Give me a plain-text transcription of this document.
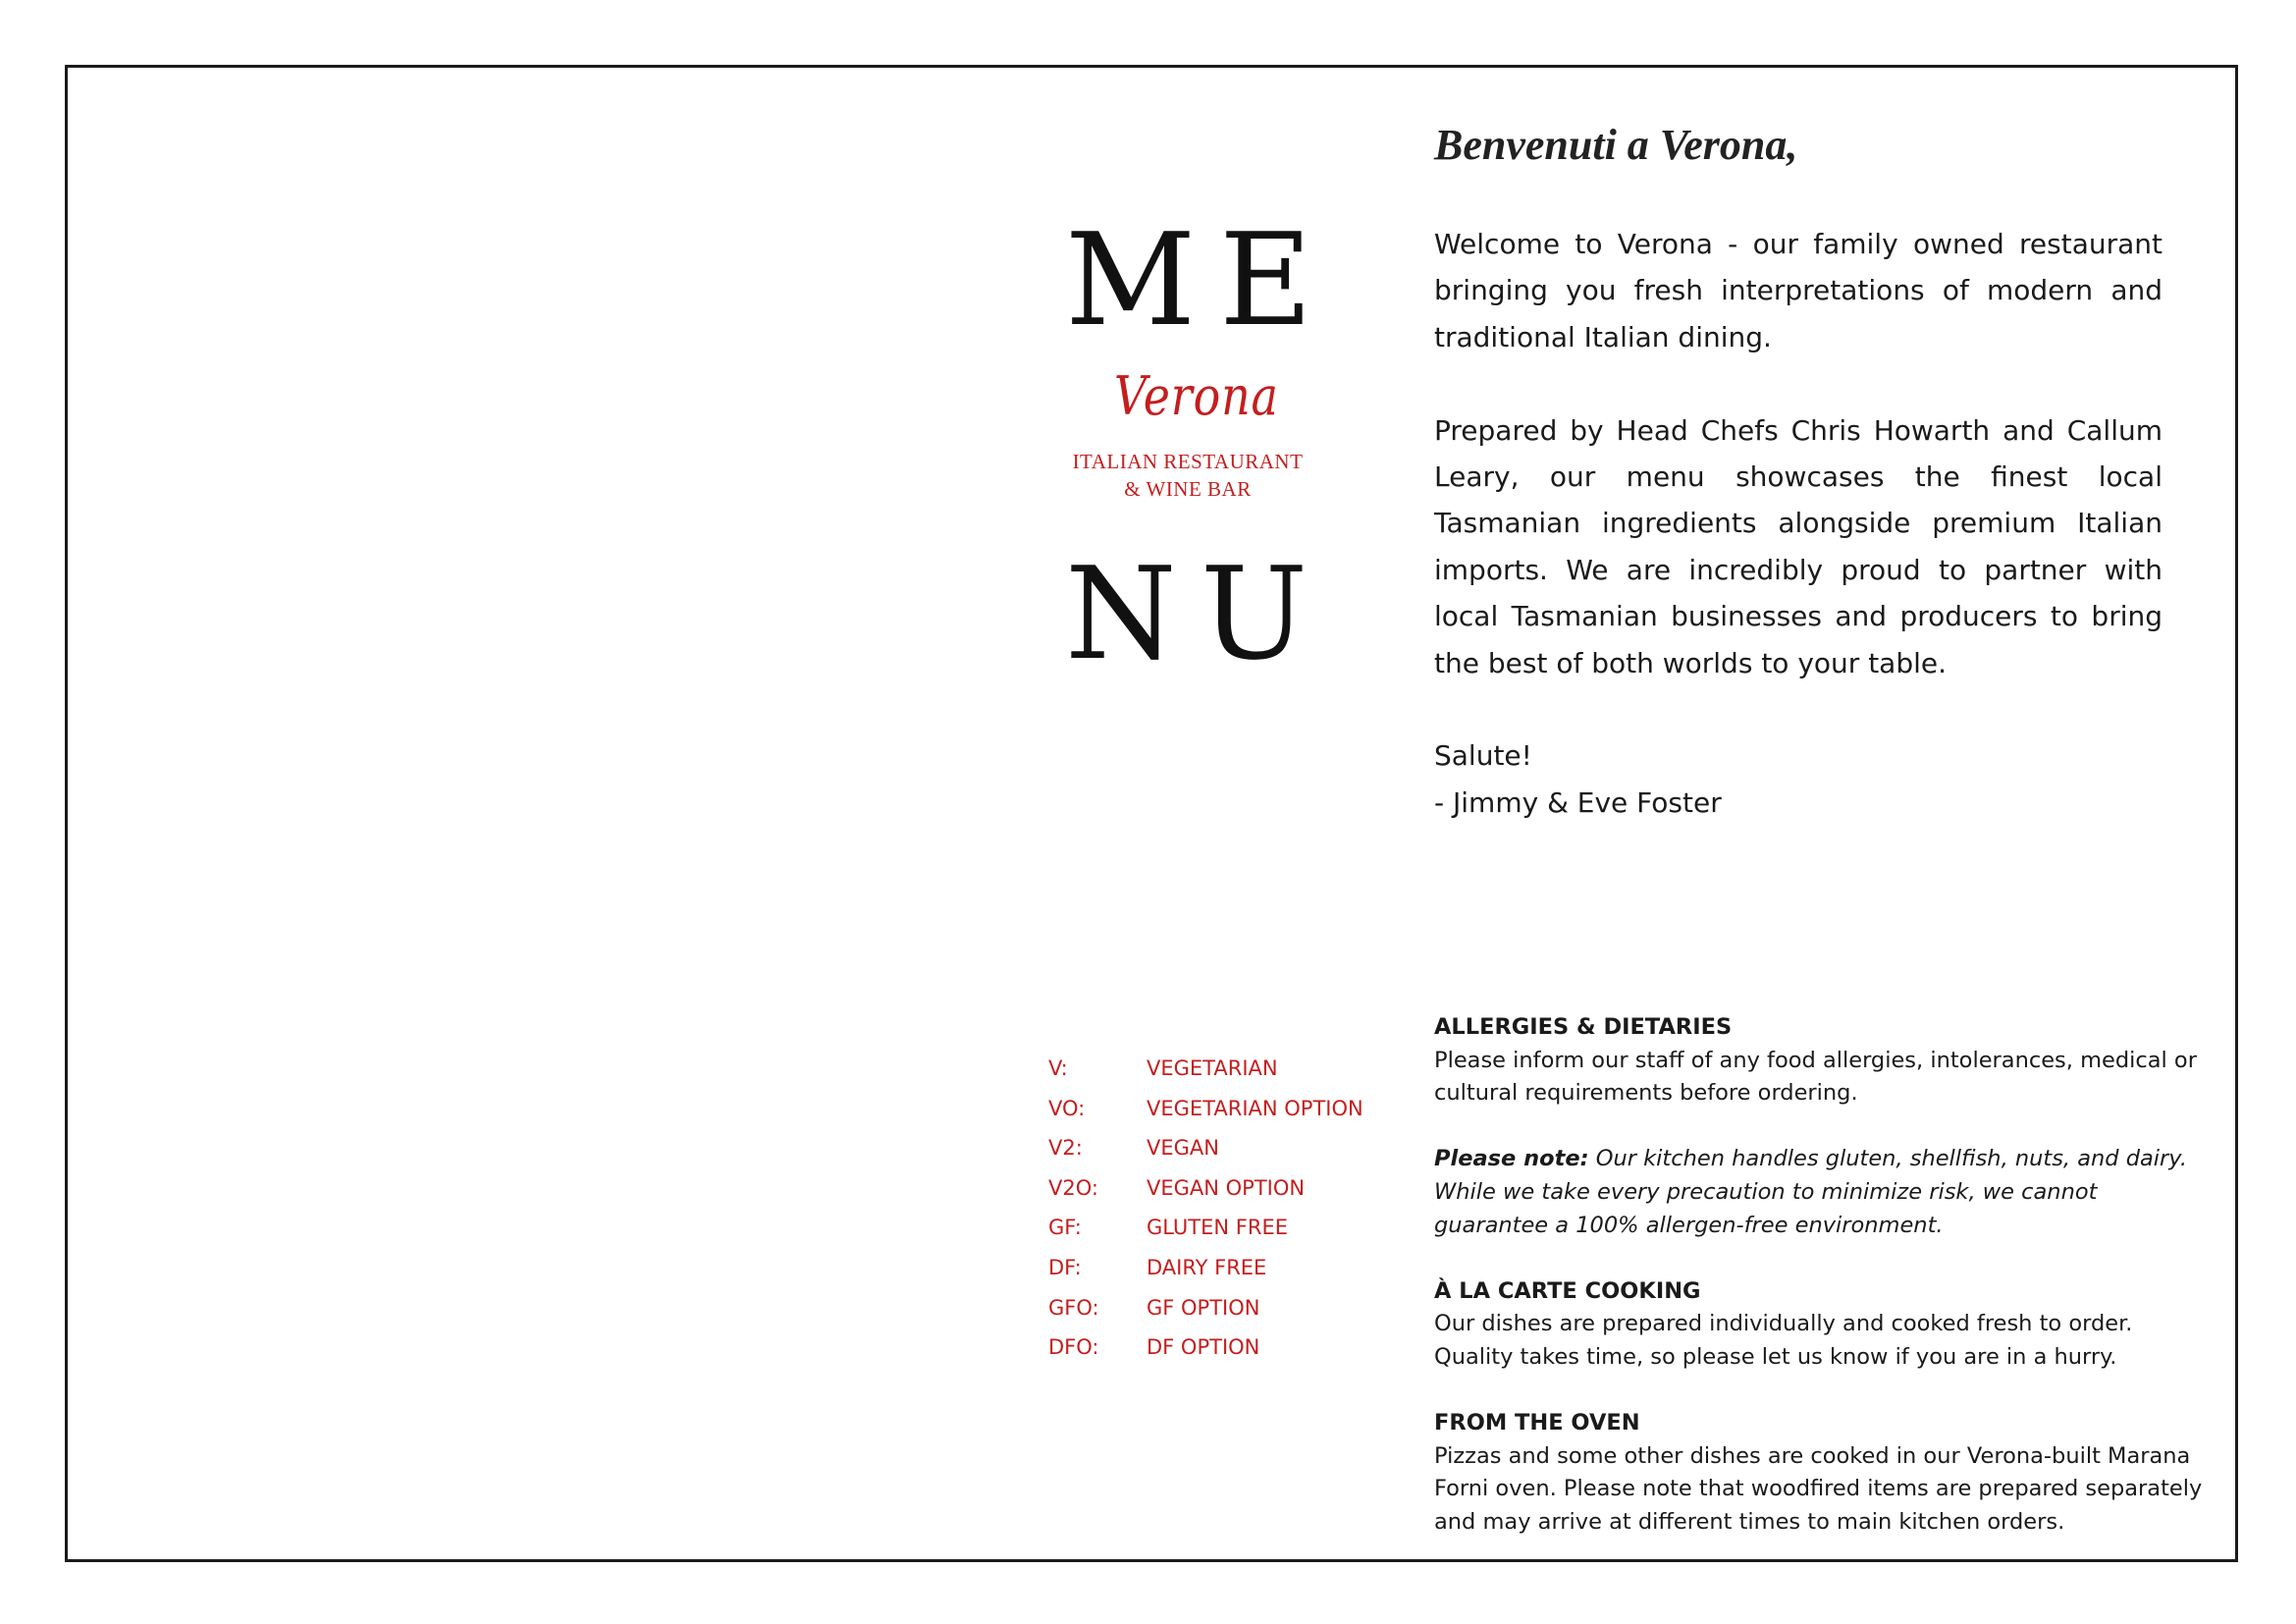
ME
Verona
ITALIAN RESTAURANT
& WINE BAR
NU
Benvenuti a Verona,

Welcome to Verona - our family owned restaurant bringing you fresh interpretations of modern and traditional Italian dining.

Prepared by Head Chefs Chris Howarth and Callum Leary, our menu showcases the finest local Tasmanian ingredients alongside premium Italian imports. We are incredibly proud to partner with local Tasmanian businesses and producers to bring the best of both worlds to your table.

Salute!

- Jimmy & Eve Foster

V:	VEGETARIAN
VO:	VEGETARIAN OPTION
V2:	VEGAN
V2O: VEGAN OPTION
GF:	GLUTEN FREE
DF:	DAIRY FREE
GFO: GF OPTION
DFO: DF OPTION
ALLERGIES & DIETARIES
Please inform our staff of any food allergies, intolerances, medical or cultural requirements before ordering.
Please note: Our kitchen handles gluten, shellfish, nuts, and dairy. While we take every precaution to minimize risk, we cannot guarantee a 100% allergen-free environment.
À LA CARTE COOKING
Our dishes are prepared individually and cooked fresh to order. Quality takes time, so please let us know if you are in a hurry.
FROM THE OVEN
Pizzas and some other dishes are cooked in our Verona-built Marana Forni oven. Please note that woodfired items are prepared separately and may arrive at different times to main kitchen orders.
